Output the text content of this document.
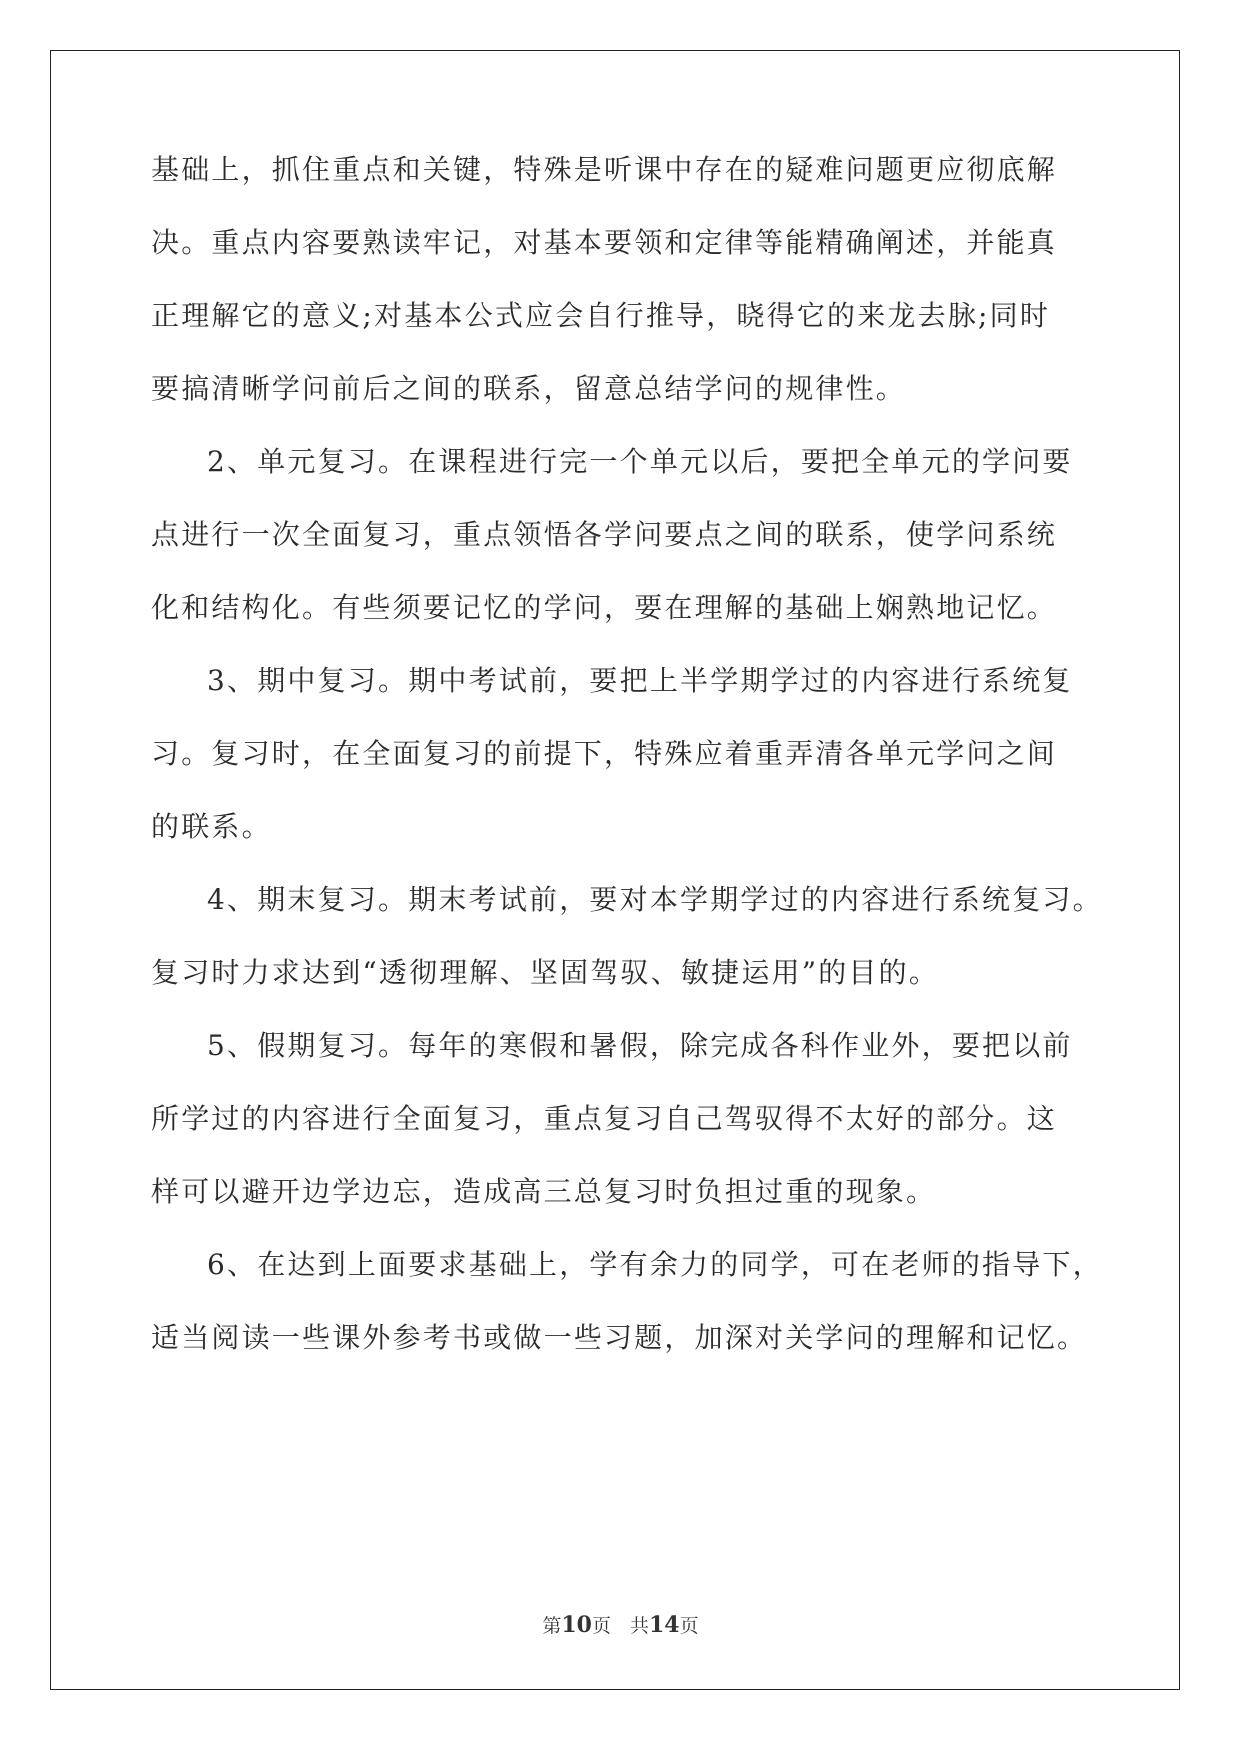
基础上，抓住重点和关键，特殊是听课中存在的疑难问题更应彻底解
决。重点内容要熟读牢记，对基本要领和定律等能精确阐述，并能真
正理解它的意义;对基本公式应会自行推导，晓得它的来龙去脉;同时
要搞清晰学问前后之间的联系，留意总结学问的规律性。
2、单元复习。在课程进行完一个单元以后，要把全单元的学问要
点进行一次全面复习，重点领悟各学问要点之间的联系，使学问系统
化和结构化。有些须要记忆的学问，要在理解的基础上娴熟地记忆。
3、期中复习。期中考试前，要把上半学期学过的内容进行系统复
习。复习时，在全面复习的前提下，特殊应着重弄清各单元学问之间
的联系。
4、期末复习。期末考试前，要对本学期学过的内容进行系统复习。
复习时力求达到“透彻理解、坚固驾驭、敏捷运用”的目的。
5、假期复习。每年的寒假和暑假，除完成各科作业外，要把以前
所学过的内容进行全面复习，重点复习自己驾驭得不太好的部分。这
样可以避开边学边忘，造成高三总复习时负担过重的现象。
6、在达到上面要求基础上，学有余力的同学，可在老师的指导下，
适当阅读一些课外参考书或做一些习题，加深对关学问的理解和记忆。
第10页　共14页
